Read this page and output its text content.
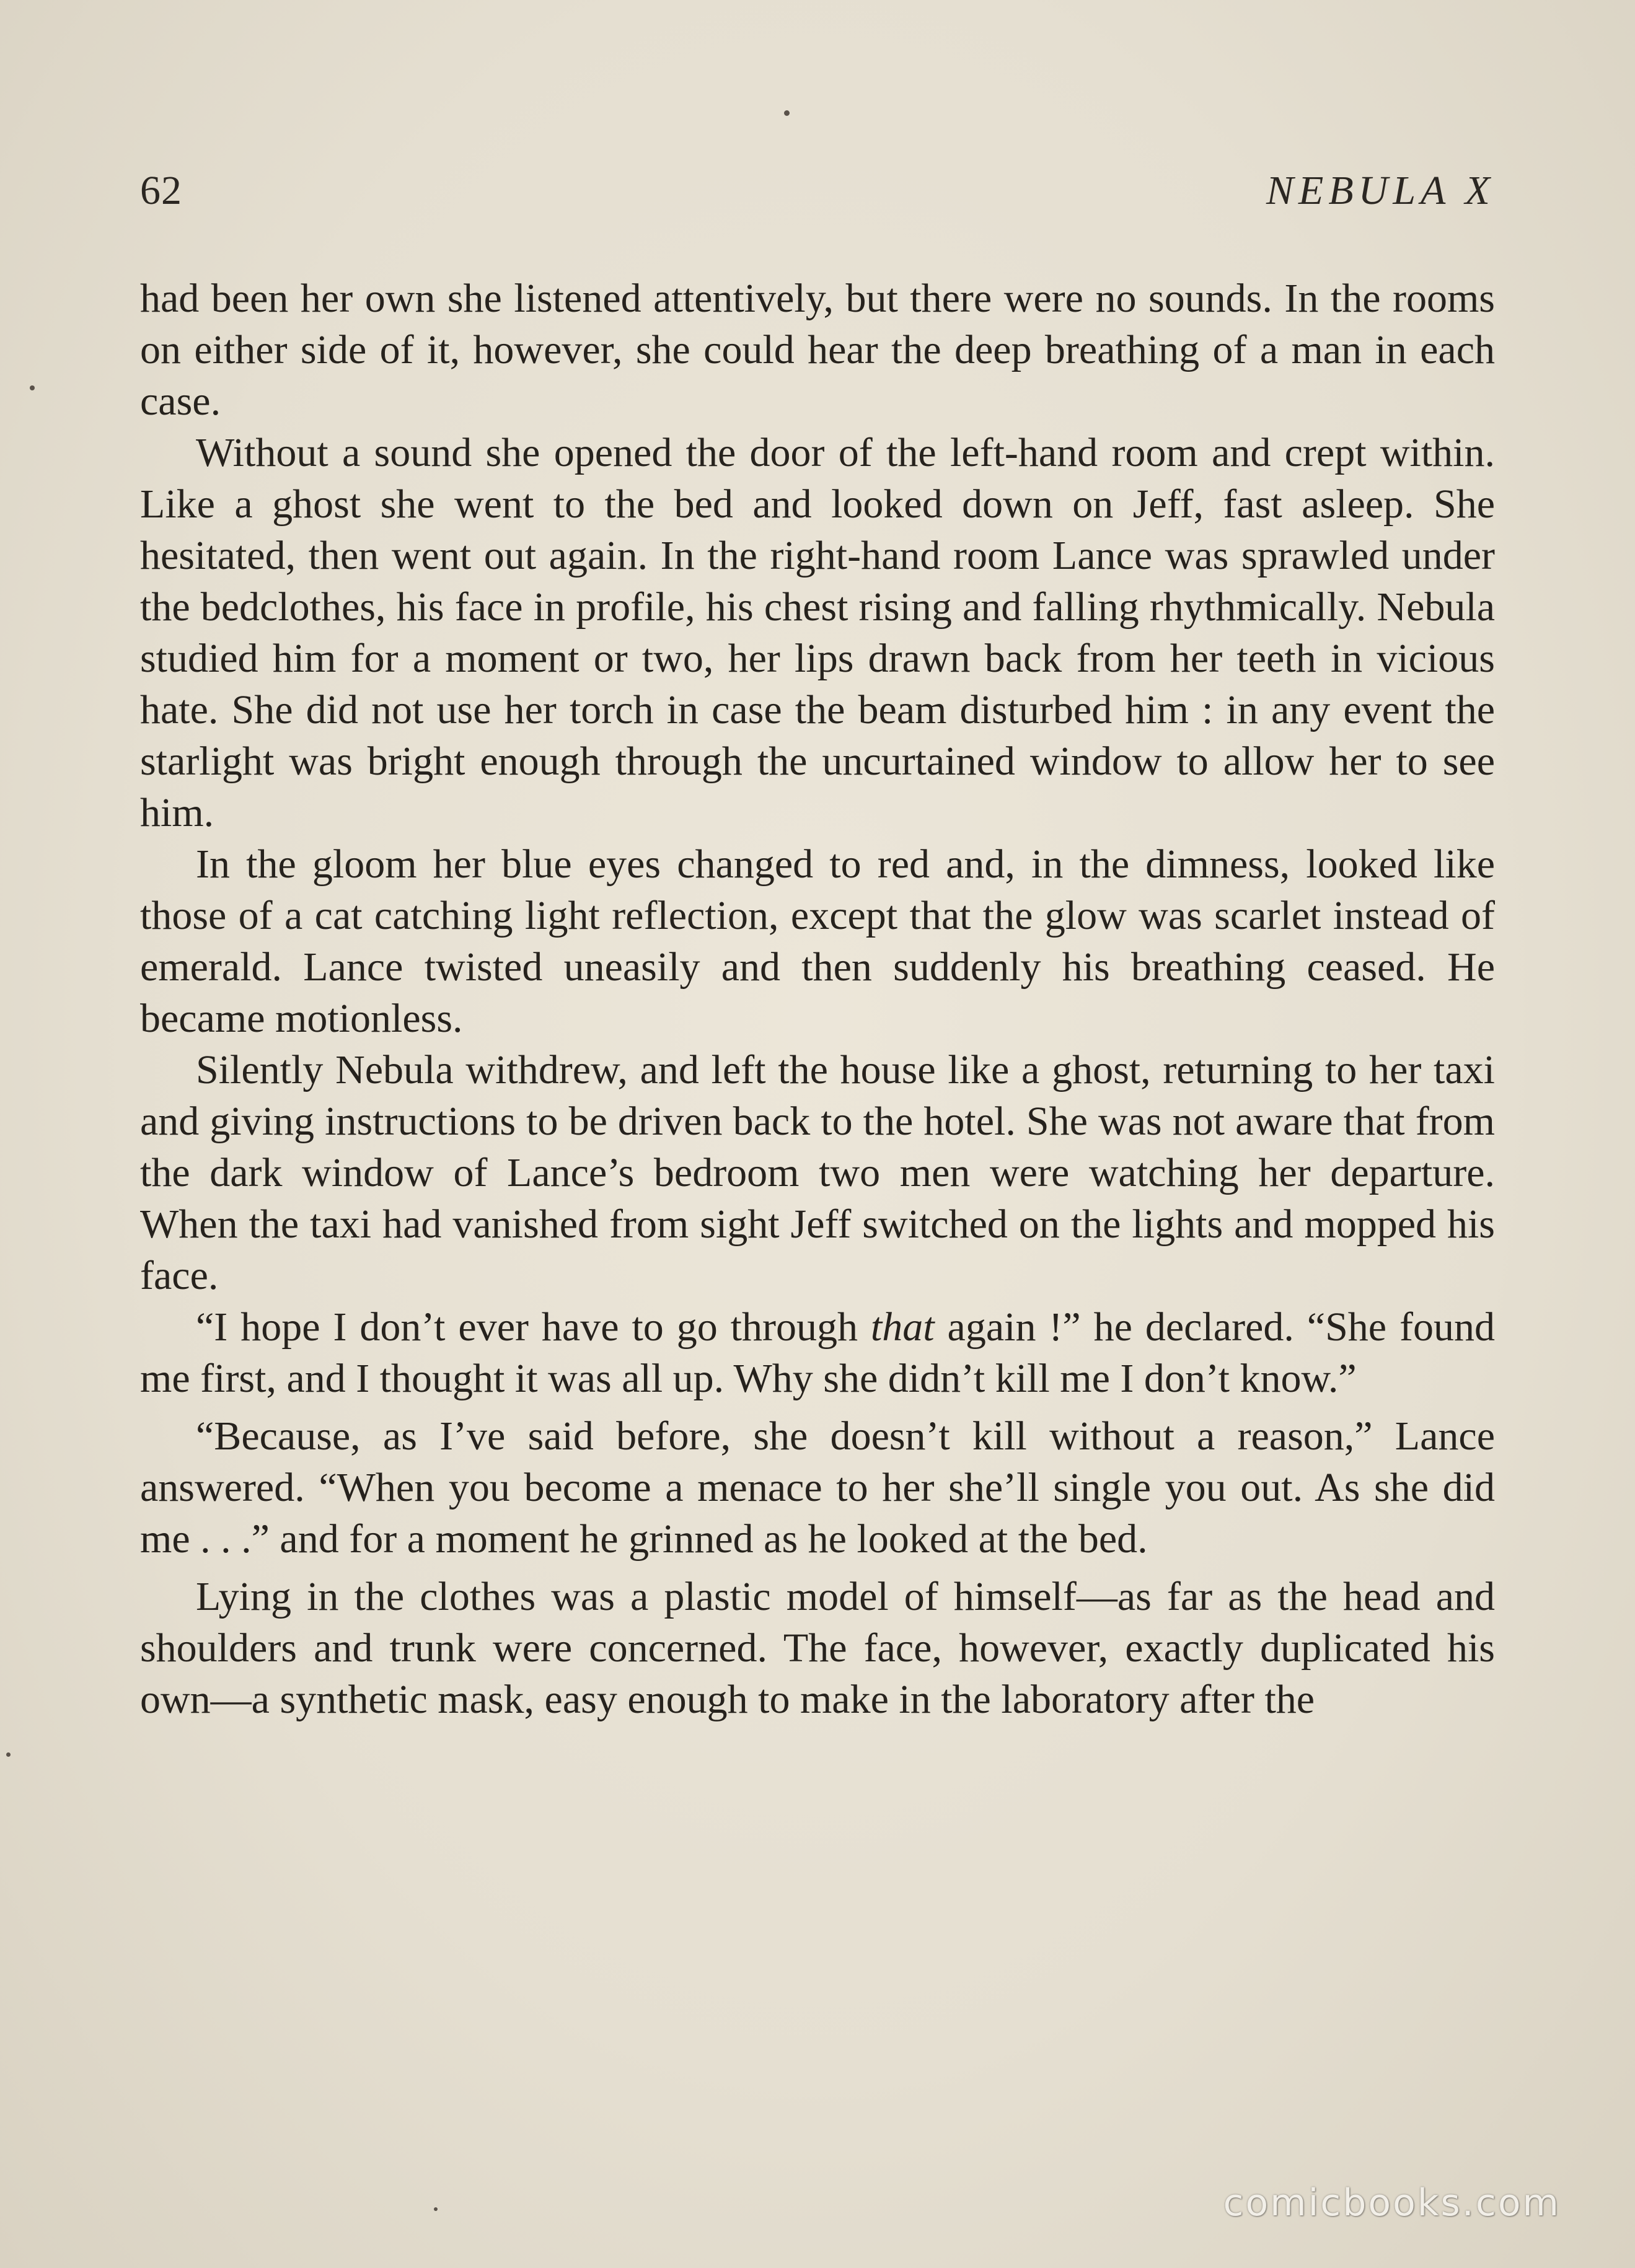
62	NEBULA X

had been her own she listened attentively, but there were no sounds. In the rooms on either side of it, however, she could hear the deep breathing of a man in each case.

Without a sound she opened the door of the left-hand room and crept within. Like a ghost she went to the bed and looked down on Jeff, fast asleep. She hesitated, then went out again. In the right-hand room Lance was sprawled under the bedclothes, his face in profile, his chest rising and falling rhythmically. Nebula studied him for a moment or two, her lips drawn back from her teeth in vicious hate. She did not use her torch in case the beam disturbed him : in any event the starlight was bright enough through the uncurtained window to allow her to see him.

In the gloom her blue eyes changed to red and, in the dimness, looked like those of a cat catching light reflection, except that the glow was scarlet instead of emerald. Lance twisted uneasily and then suddenly his breathing ceased. He became motionless.

Silently Nebula withdrew, and left the house like a ghost, returning to her taxi and giving instructions to be driven back to the hotel. She was not aware that from the dark window of Lance’s bedroom two men were watching her departure. When the taxi had vanished from sight Jeff switched on the lights and mopped his face.

“I hope I don’t ever have to go through that again !” he declared. “She found me first, and I thought it was all up. Why she didn’t kill me I don’t know.”

“Because, as I’ve said before, she doesn’t kill without a reason,” Lance answered. “When you become a menace to her she’ll single you out. As she did me . . .” and for a moment he grinned as he looked at the bed.

Lying in the clothes was a plastic model of himself—as far as the head and shoulders and trunk were concerned. The face, however, exactly duplicated his own—a synthetic mask, easy enough to make in the laboratory after the

comicbooks.com
